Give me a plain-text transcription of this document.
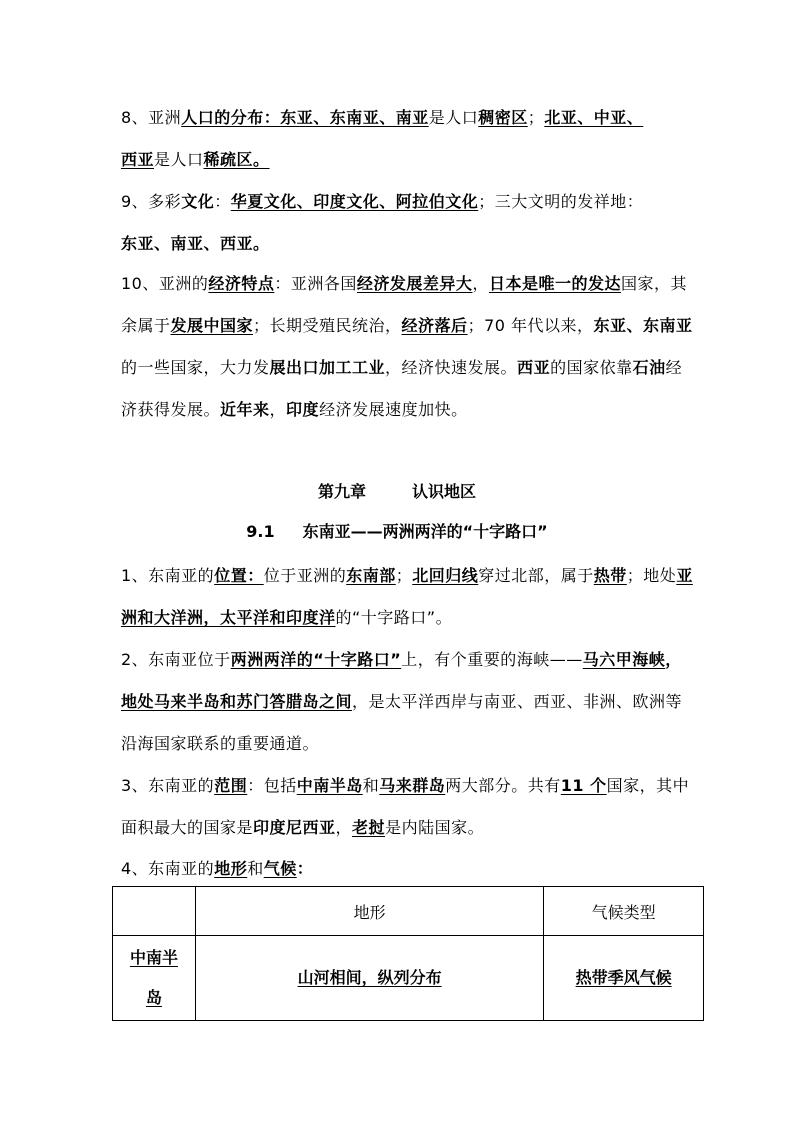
8、亚洲人口的分布：东亚、东南亚、南亚是人口稠密区；北亚、中亚、
西亚是人口稀疏区。

9、多彩文化：华夏文化、印度文化、阿拉伯文化；三大文明的发祥地：
东亚、南亚、西亚。

10、亚洲的经济特点：亚洲各国经济发展差异大，日本是唯一的发达国家，其余属于发展中国家；长期受殖民统治，经济落后；70 年代以来，东亚、东南亚的一些国家，大力发展出口加工工业，经济快速发展。西亚的国家依靠石油经济获得发展。近年来，印度经济发展速度加快。

第九章	认识地区
9.1 东南亚——两洲两洋的“十字路口”

1、东南亚的位置：位于亚洲的东南部；北回归线穿过北部，属于热带；地处亚洲和大洋洲，太平洋和印度洋的“十字路口”。

2、东南亚位于两洲两洋的“十字路口”上，有个重要的海峡——马六甲海峡，地处马来半岛和苏门答腊岛之间，是太平洋西岸与南亚、西亚、非洲、欧洲等沿海国家联系的重要通道。

3、东南亚的范围：包括中南半岛和马来群岛两大部分。共有11 个国家，其中面积最大的国家是印度尼西亚，老挝是内陆国家。

4、东南亚的地形和气候：

	地形	气候类型
中南半岛	山河相间，纵列分布	热带季风气候
